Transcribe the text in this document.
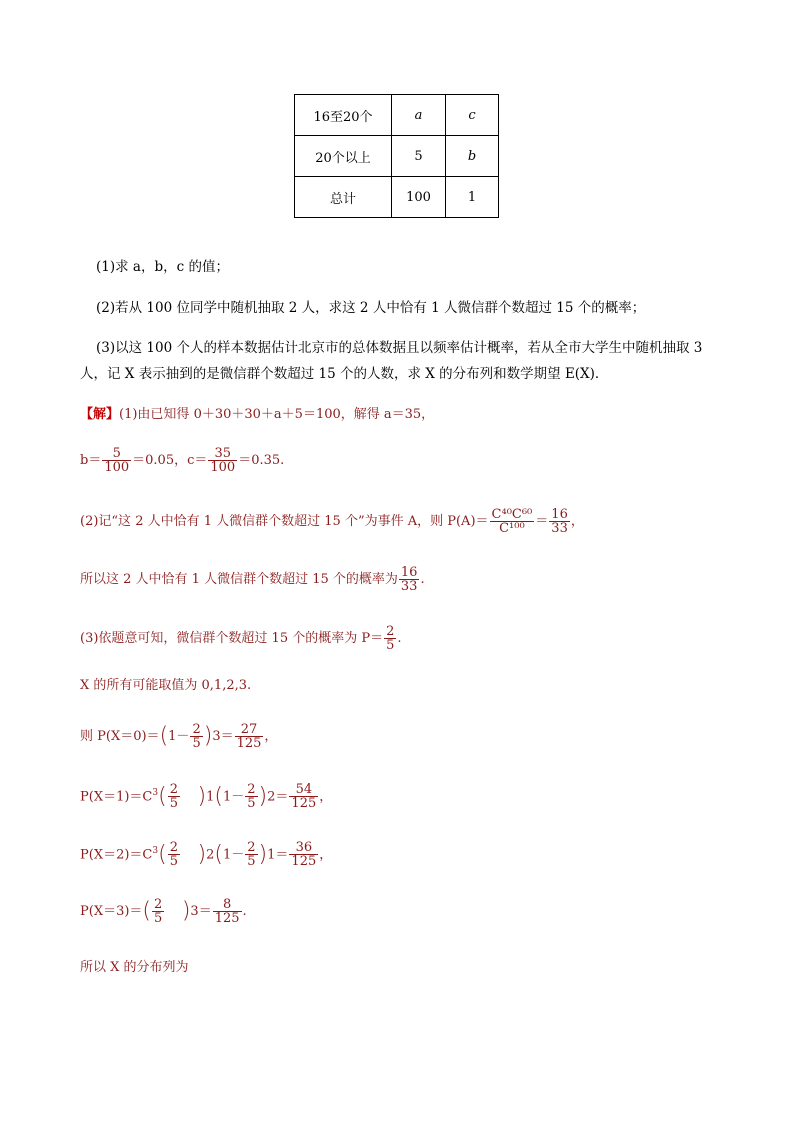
16至20个	a	c
20个以上	5	b
总计	100	1
(1)求 a，b，c 的值；
(2)若从 100 位同学中随机抽取 2 人，求这 2 人中恰有 1 人微信群个数超过 15 个的概率；
(3)以这 100 个人的样本数据估计北京市的总体数据且以频率估计概率，若从全市大学生中随机抽取 3
人，记 X 表示抽到的是微信群个数超过 15 个的人数，求 X 的分布列和数学期望 E(X)．
【解】(1)由已知得 0＋30＋30＋a＋5＝100，解得 a＝35，
$b= \frac{5}{100} =0.05$，$c= \frac{35}{100} =0.35$.
(2)记“这 2 人中恰有 1 人微信群个数超过 15 个”为事件 A，则 $P(A)= \frac{\text{C⁴⁰C⁶⁰}}{\text{C¹⁰⁰}} = \frac{16}{33}$ ，
所以这 2 人中恰有 1 人微信群个数超过 15 个的概率为 $\frac{16}{33}$ .
(3)依题意可知，微信群个数超过 15 个的概率为 $P= \frac{2}{5}$ .
X 的所有可能取值为 0,1,2,3.
则 $P(X=0)=(1- \frac{2}{5} )3= \frac{27}{125}$ ，
$P(X=1)=C^3( \frac{2}{5} )1(1- \frac{2}{5} )2= \frac{54}{125}$ ，
$P(X=2)=C^3( \frac{2}{5} )2(1- \frac{2}{5} )1= \frac{36}{125}$ ，
$P(X=3)=( \frac{2}{5} )3= \frac{8}{125}$ .
所以 X 的分布列为
